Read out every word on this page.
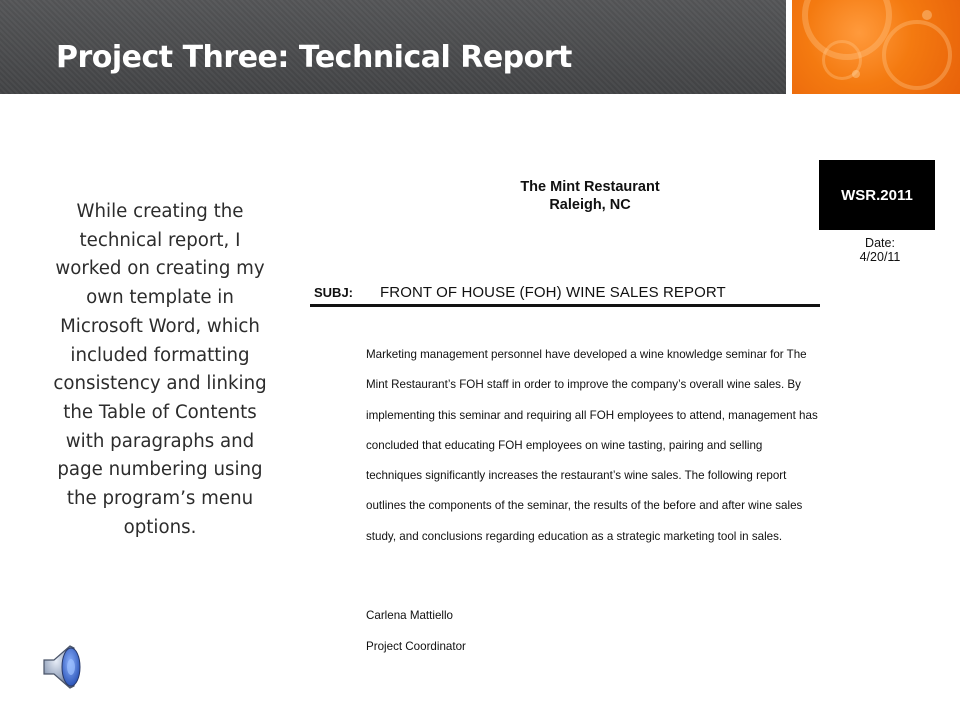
Project Three: Technical Report

While creating the technical report, I worked on creating my own template in Microsoft Word, which included formatting consistency and linking the Table of Contents with paragraphs and page numbering using the program’s menu options.

The Mint Restaurant
Raleigh, NC
WSR.2011
Date:
4/20/11
SUBJ: FRONT OF HOUSE (FOH) WINE SALES REPORT

Marketing management personnel have developed a wine knowledge seminar for The

Mint Restaurant’s FOH staff in order to improve the company’s overall wine sales. By

implementing this seminar and requiring all FOH employees to attend, management has

concluded that educating FOH employees on wine tasting, pairing and selling

techniques significantly increases the restaurant’s wine sales. The following report

outlines the components of the seminar, the results of the before and after wine sales

study, and conclusions regarding education as a strategic marketing tool in sales.

Carlena Mattiello
Project Coordinator
